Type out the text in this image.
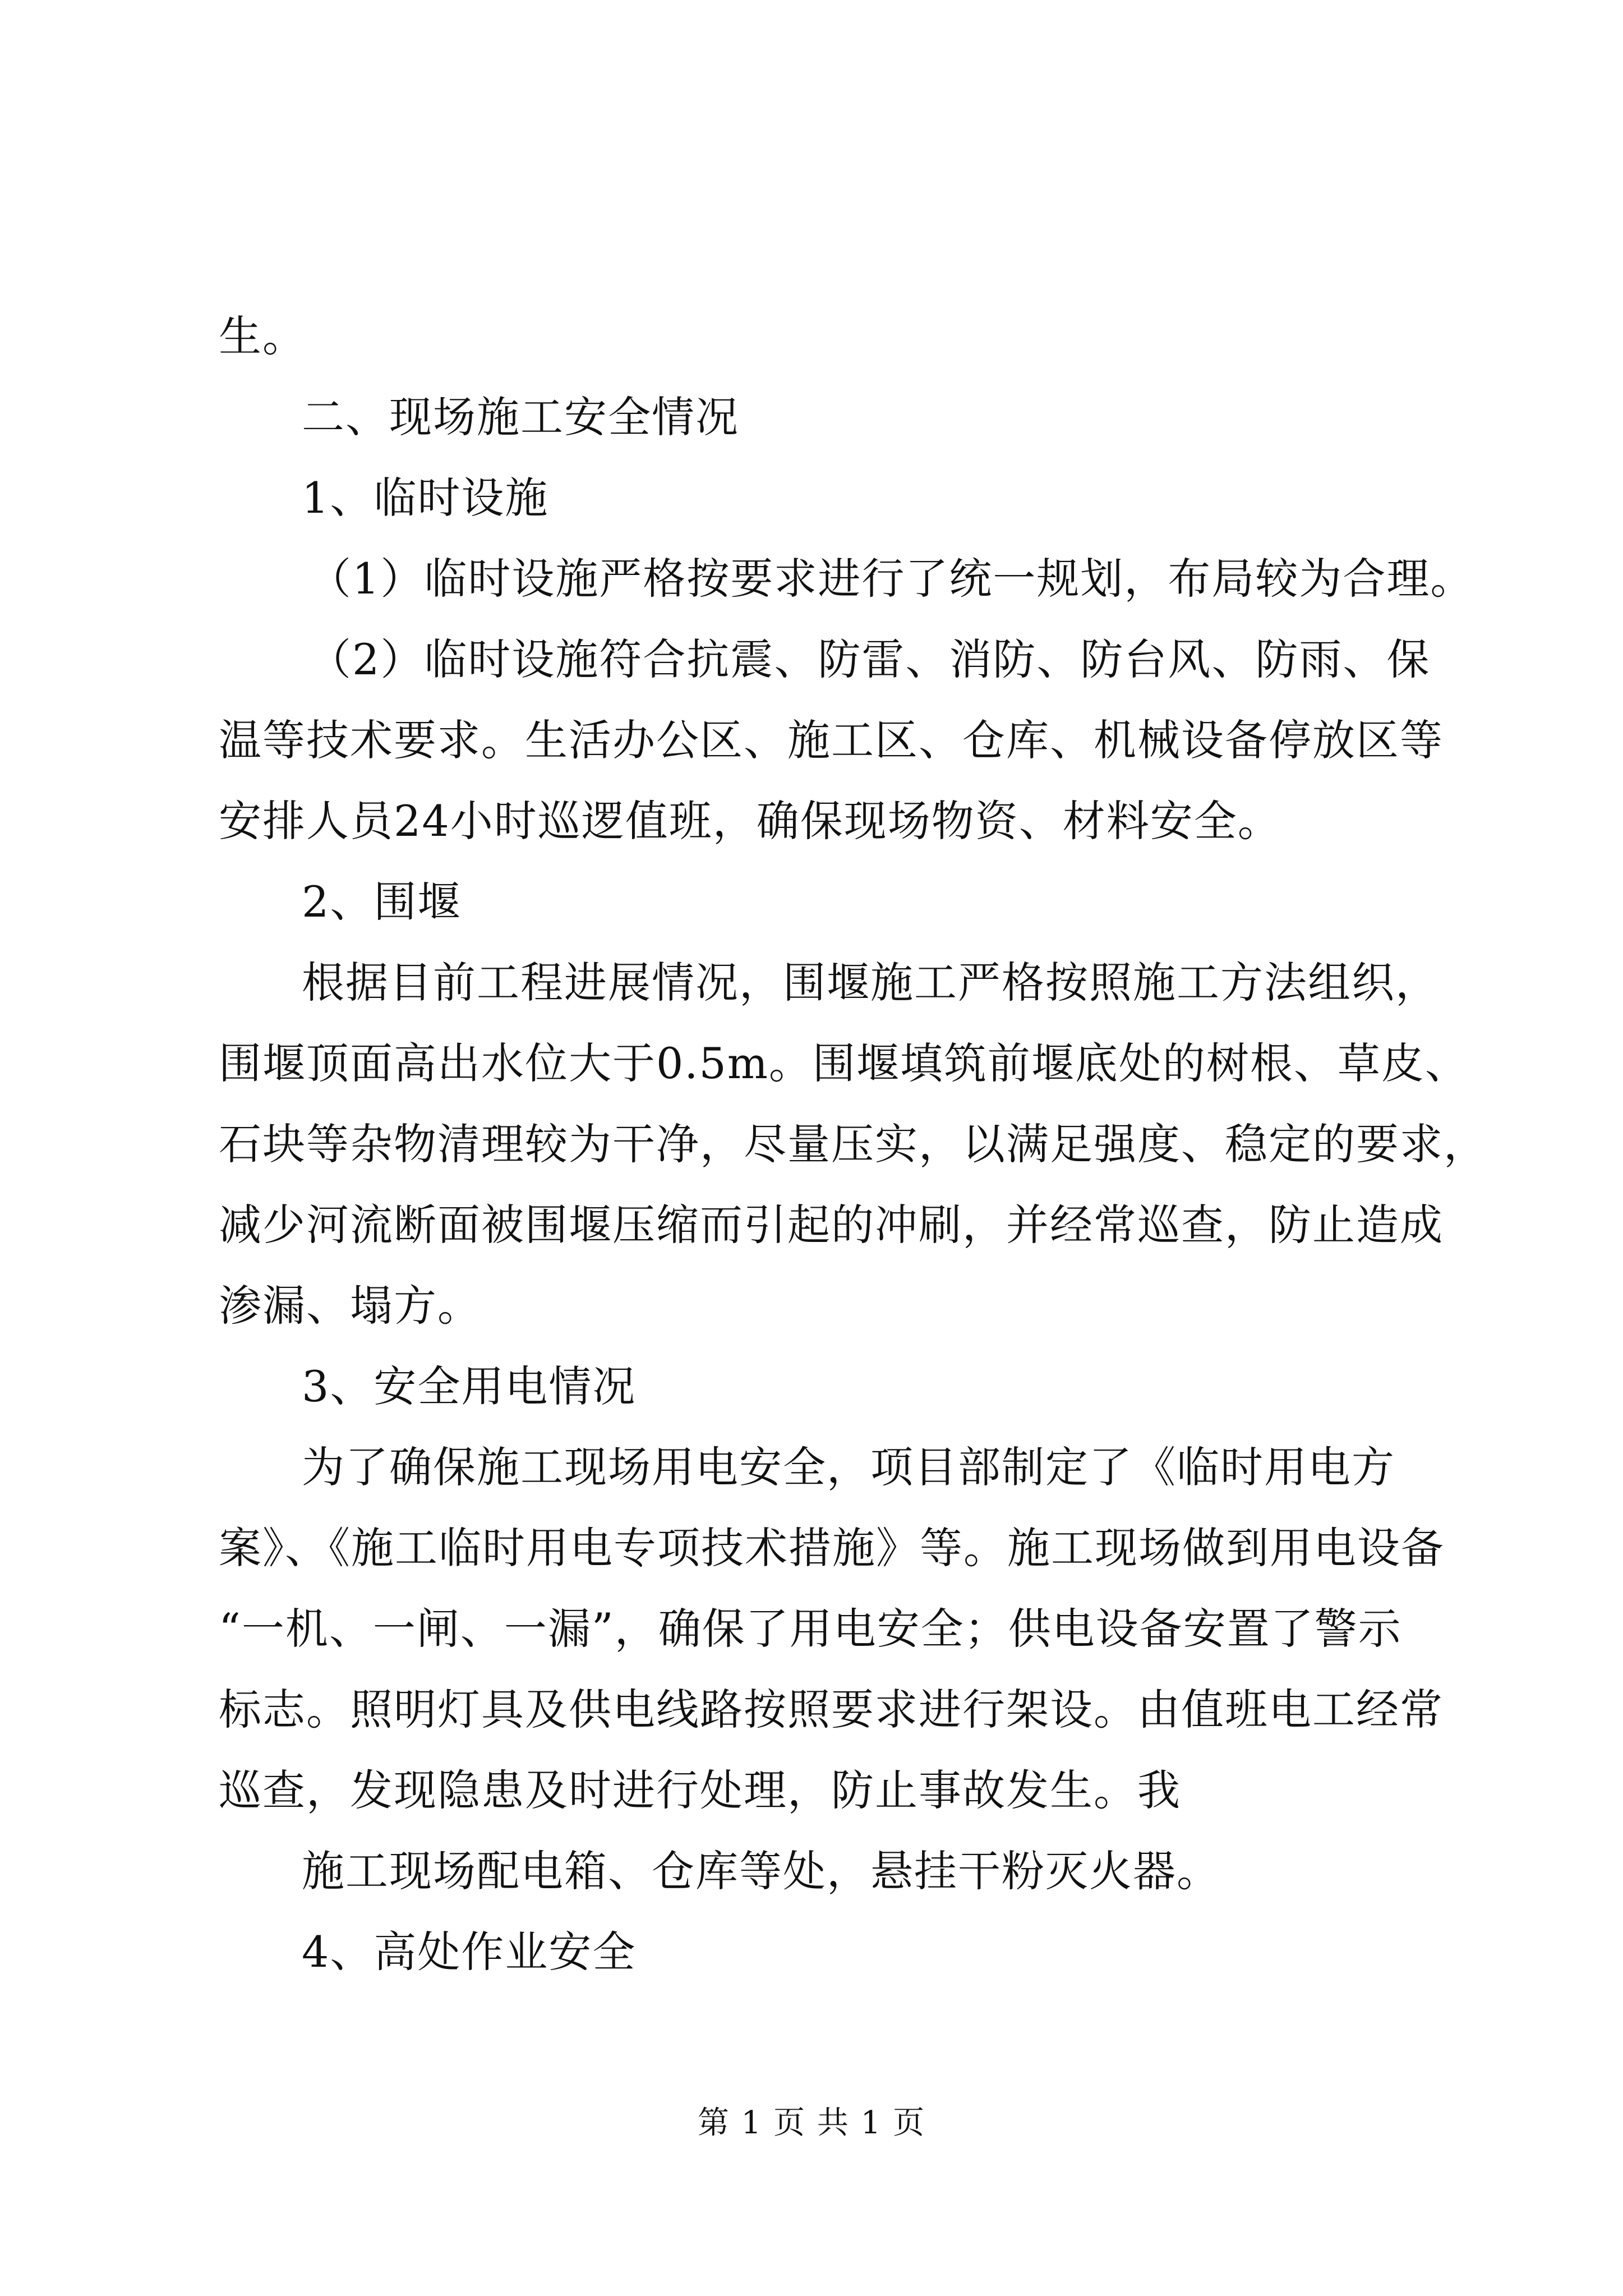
生。
二、现场施工安全情况
1、临时设施
（1）临时设施严格按要求进行了统一规划，布局较为合理。
（2）临时设施符合抗震、防雷、消防、防台风、防雨、保
温等技术要求。生活办公区、施工区、仓库、机械设备停放区等
安排人员24小时巡逻值班，确保现场物资、材料安全。
2、围堰
根据目前工程进展情况，围堰施工严格按照施工方法组织，
围堰顶面高出水位大于0.5m。围堰填筑前堰底处的树根、草皮、
石块等杂物清理较为干净，尽量压实，以满足强度、稳定的要求，
减少河流断面被围堰压缩而引起的冲刷，并经常巡查，防止造成
渗漏、塌方。
3、安全用电情况
为了确保施工现场用电安全，项目部制定了《临时用电方
案》、《施工临时用电专项技术措施》等。施工现场做到用电设备
“一机、一闸、一漏”，确保了用电安全；供电设备安置了警示
标志。照明灯具及供电线路按照要求进行架设。由值班电工经常
巡查，发现隐患及时进行处理，防止事故发生。我
施工现场配电箱、仓库等处，悬挂干粉灭火器。
4、高处作业安全
第 1 页 共 1 页
